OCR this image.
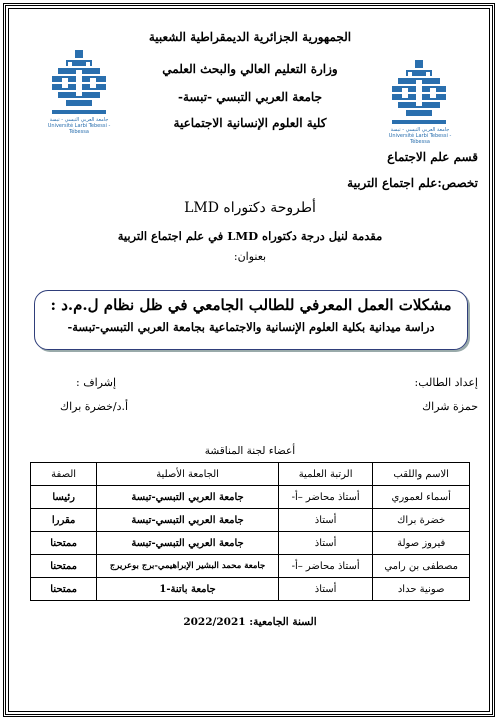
الجمهورية الجزائرية الديمقراطية الشعبية
وزارة التعليم العالي والبحث العلمي
جامعة العربي التبسي -تبسة-
كلية العلوم الإنسانية الاجتماعية
جامعة العربي التبسي - تبسة
Université Larbi Tebessi - Tébessa	جامعة العربي التبسي - تبسة
Université Larbi Tebessi - Tébessa
قسم علم الاجتماع
تخصص:علم اجتماع التربية
أطروحة دكتوراه LMD
مقدمة لنيل درجة دكتوراه LMD في علم اجتماع التربية
بعنوان:
مشكلات العمل المعرفي للطالب الجامعي في ظل نظام ل.م.د :
دراسة ميدانية بكلية العلوم الإنسانية والاجتماعية بجامعة العربي التبسي-تبسة-
إعداد الطالب:
حمزة شراك
إشراف :
أ.د/خضرة براك
أعضاء لجنة المناقشة
الاسم واللقب	الرتبة العلمية	الجامعة الأصلية	الصفة
أسماء لعموري	أستاذ محاضر –أ-	جامعة العربي التبسي-تبسة	رئيسا
خضرة براك	أستاذ	جامعة العربي التبسي-تبسة	مقررا
فيروز صولة	أستاذ	جامعة العربي التبسي-تبسة	ممتحنا
مصطفى بن رامي	أستاذ محاضر –أ-	جامعة محمد البشير الإبراهيمي-برج بوعريرج	ممتحنا
صونية حداد	أستاذ	جامعة باتنة-1	ممتحنا
السنة الجامعية: 2022/2021
